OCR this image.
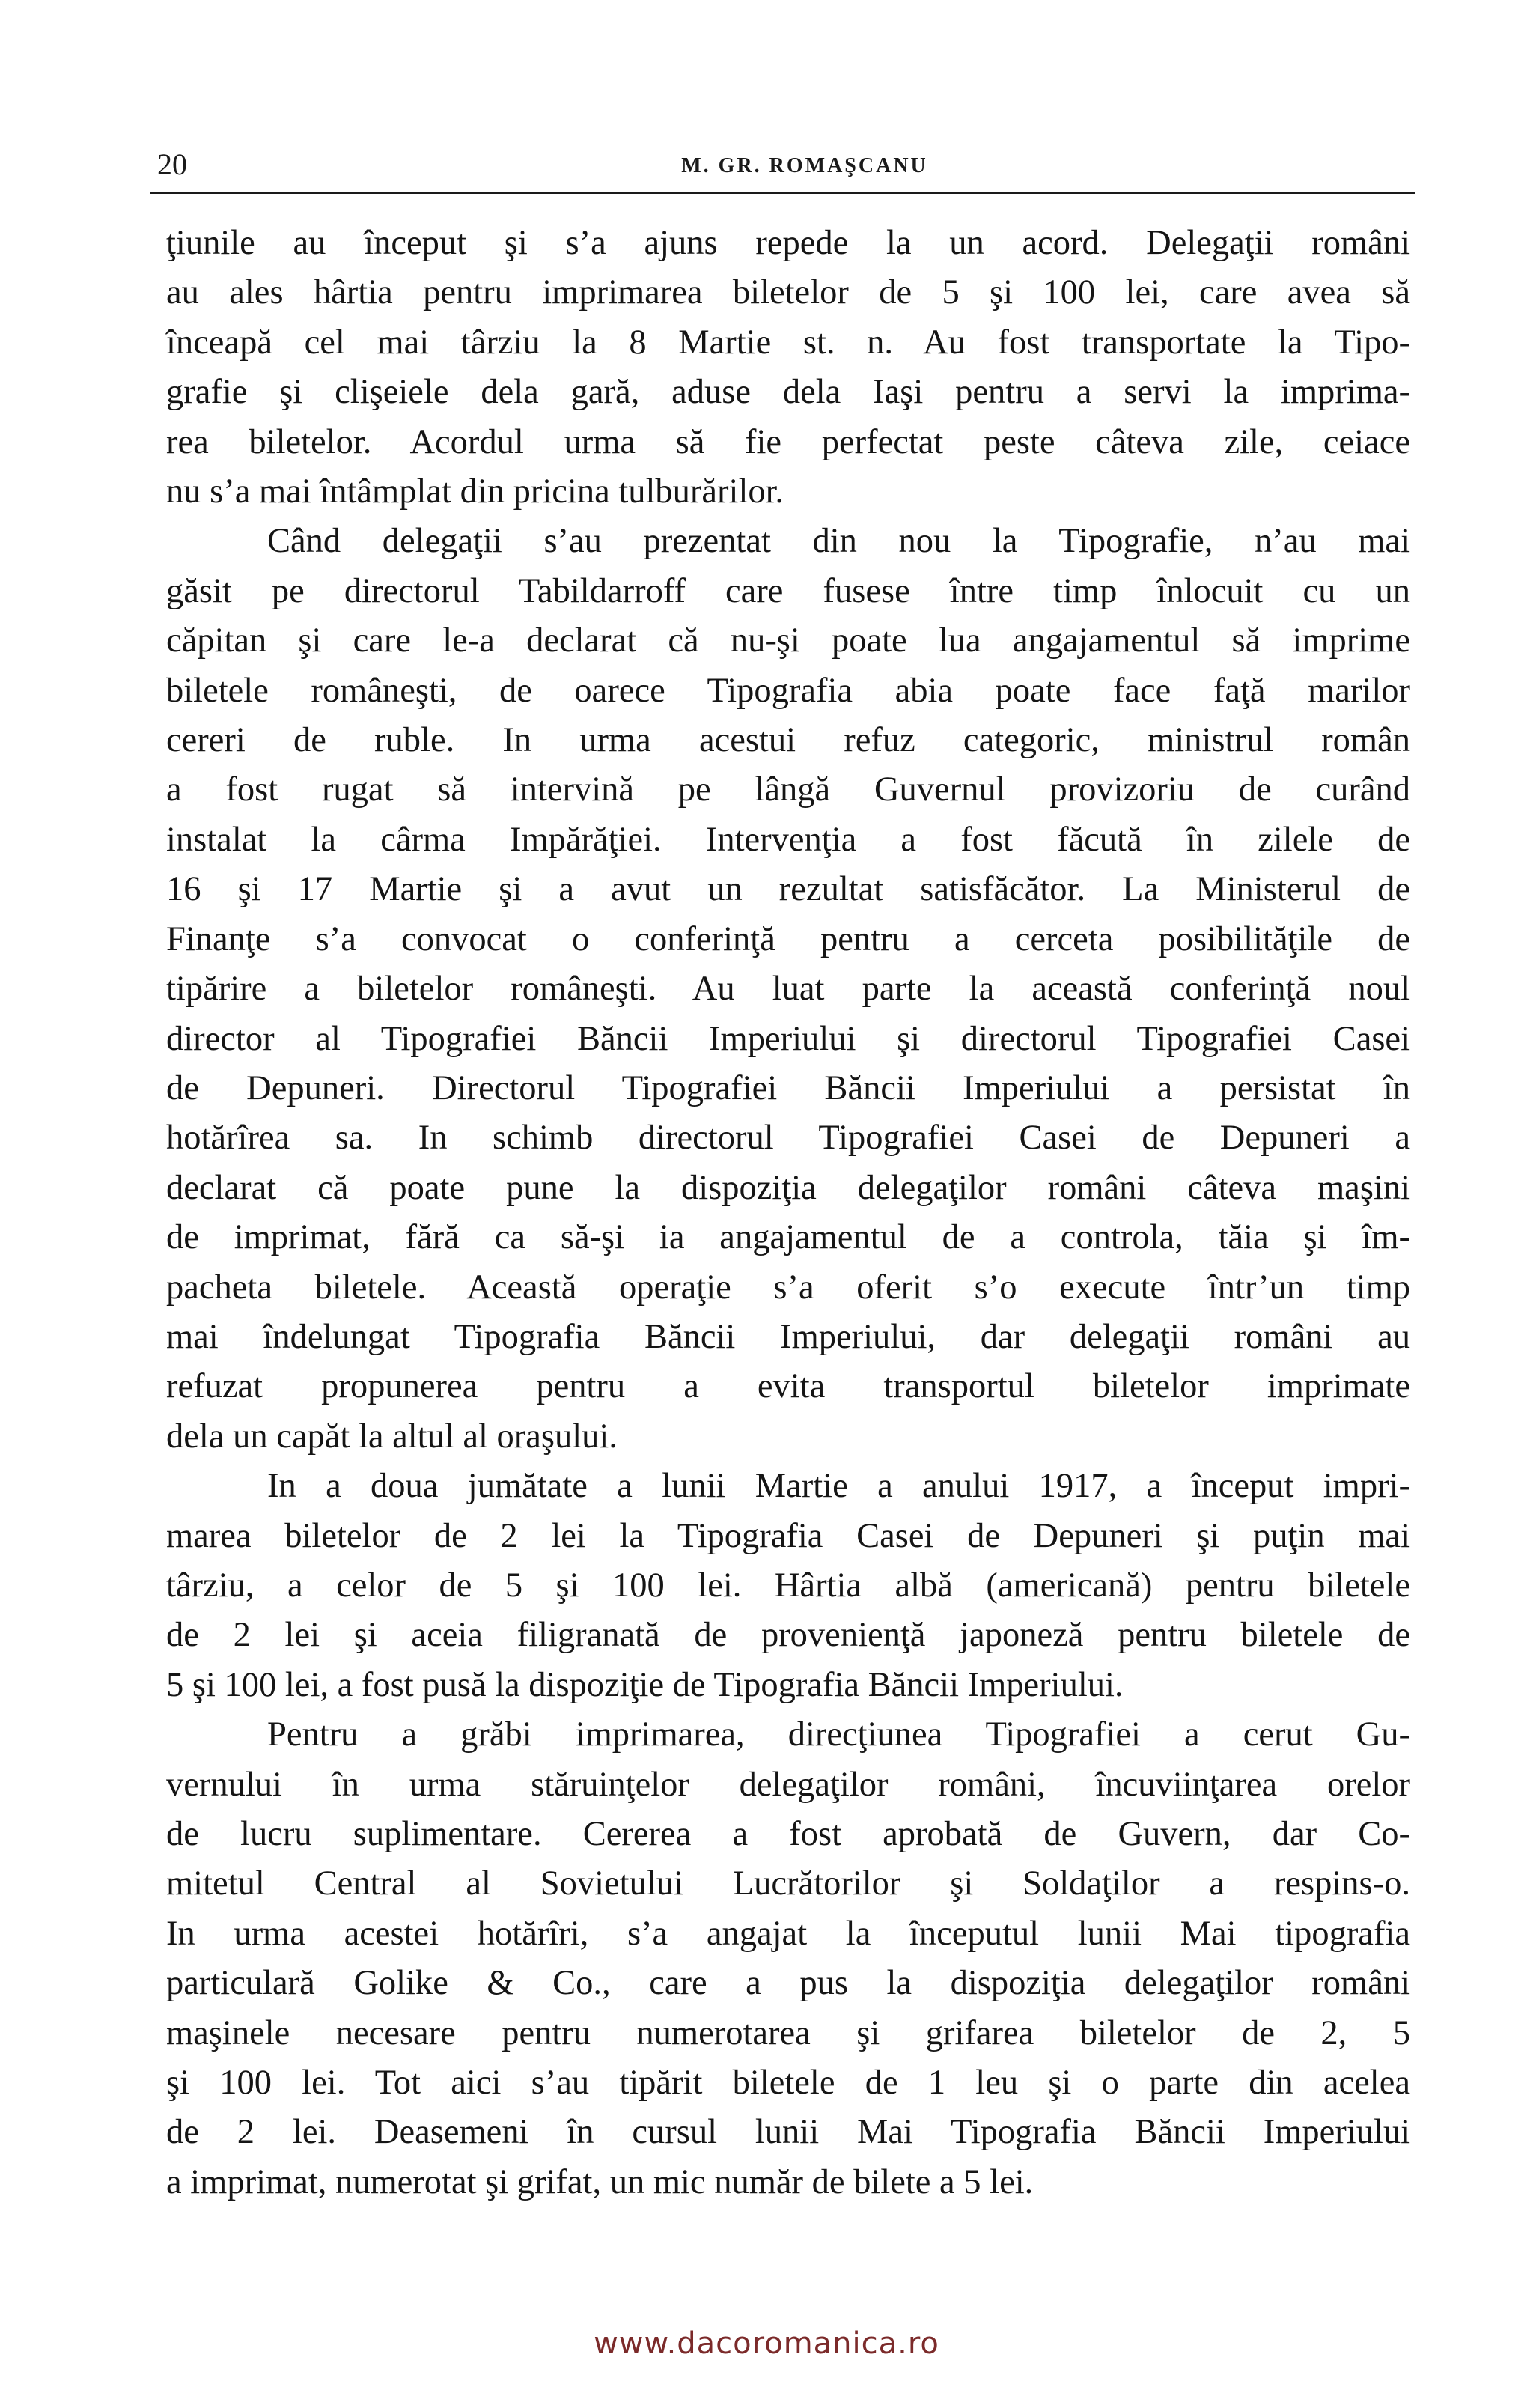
20	M. GR. ROMAŞCANU
ţiunile au început şi s’a ajuns repede la un acord. Delegaţii români
au ales hârtia pentru imprimarea biletelor de 5 şi 100 lei, care avea să
înceapă cel mai târziu la 8 Martie st. n. Au fost transportate la Tipo-
grafie şi clişeiele dela gară, aduse dela Iaşi pentru a servi la imprima-
rea biletelor. Acordul urma să fie perfectat peste câteva zile, ceiace
nu s’a mai întâmplat din pricina tulburărilor.
Când delegaţii s’au prezentat din nou la Tipografie, n’au mai
găsit pe directorul Tabildarroff care fusese între timp înlocuit cu un
căpitan şi care le-a declarat că nu-şi poate lua angajamentul să imprime
biletele româneşti, de oarece Tipografia abia poate face faţă marilor
cereri de ruble. In urma acestui refuz categoric, ministrul român
a fost rugat să intervină pe lângă Guvernul provizoriu de curând
instalat la cârma Impărăţiei. Intervenţia a fost făcută în zilele de
16 şi 17 Martie şi a avut un rezultat satisfăcător. La Ministerul de
Finanţe s’a convocat o conferinţă pentru a cerceta posibilităţile de
tipărire a biletelor româneşti. Au luat parte la această conferinţă noul
director al Tipografiei Băncii Imperiului şi directorul Tipografiei Casei
de Depuneri. Directorul Tipografiei Băncii Imperiului a persistat în
hotărîrea sa. In schimb directorul Tipografiei Casei de Depuneri a
declarat că poate pune la dispoziţia delegaţilor români câteva maşini
de imprimat, fără ca să-şi ia angajamentul de a controla, tăia şi îm-
pacheta biletele. Această operaţie s’a oferit s’o execute într’un timp
mai îndelungat Tipografia Băncii Imperiului, dar delegaţii români au
refuzat propunerea pentru a evita transportul biletelor imprimate
dela un capăt la altul al oraşului.
In a doua jumătate a lunii Martie a anului 1917, a început impri-
marea biletelor de 2 lei la Tipografia Casei de Depuneri şi puţin mai
târziu, a celor de 5 şi 100 lei. Hârtia albă (americană) pentru biletele
de 2 lei şi aceia filigranată de provenienţă japoneză pentru biletele de
5 şi 100 lei, a fost pusă la dispoziţie de Tipografia Băncii Imperiului.
Pentru a grăbi imprimarea, direcţiunea Tipografiei a cerut Gu-
vernului în urma stăruinţelor delegaţilor români, încuviinţarea orelor
de lucru suplimentare. Cererea a fost aprobată de Guvern, dar Co-
mitetul Central al Sovietului Lucrătorilor şi Soldaţilor a respins-o.
In urma acestei hotărîri, s’a angajat la începutul lunii Mai tipografia
particulară Golike & Co., care a pus la dispoziţia delegaţilor români
maşinele necesare pentru numerotarea şi grifarea biletelor de 2, 5
şi 100 lei. Tot aici s’au tipărit biletele de 1 leu şi o parte din acelea
de 2 lei. Deasemeni în cursul lunii Mai Tipografia Băncii Imperiului
a imprimat, numerotat şi grifat, un mic număr de bilete a 5 lei.
www.dacoromanica.ro
